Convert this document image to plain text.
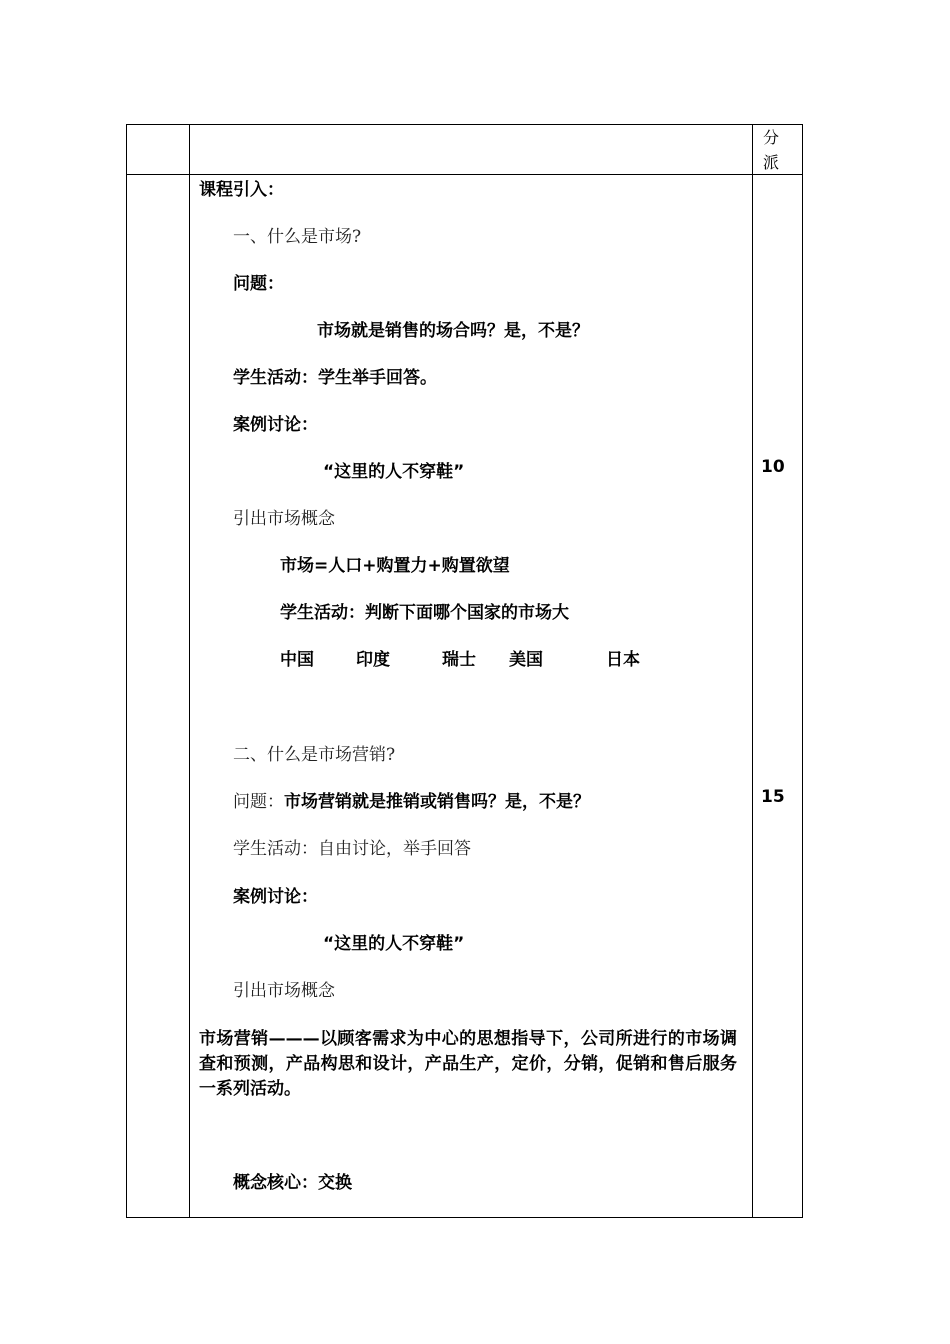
分
派
课程引入：
一、什么是市场?
问题：
市场就是销售的场合吗？是，不是？
学生活动：学生举手回答。
案例讨论：
“这里的人不穿鞋”
引出市场概念
市场=人口+购置力+购置欲望
学生活动：判断下面哪个国家的市场大
中国 印度	瑞士 美国	日本
二、什么是市场营销?
问题：市场营销就是推销或销售吗？是，不是？
学生活动：自由讨论，举手回答
案例讨论：
“这里的人不穿鞋”
引出市场概念
市场营销———以顾客需求为中心的思想指导下，公司所进行的市场调查和预测，产品构思和设计，产品生产，定价，分销，促销和售后服务一系列活动。
概念核心：交换
10
15
